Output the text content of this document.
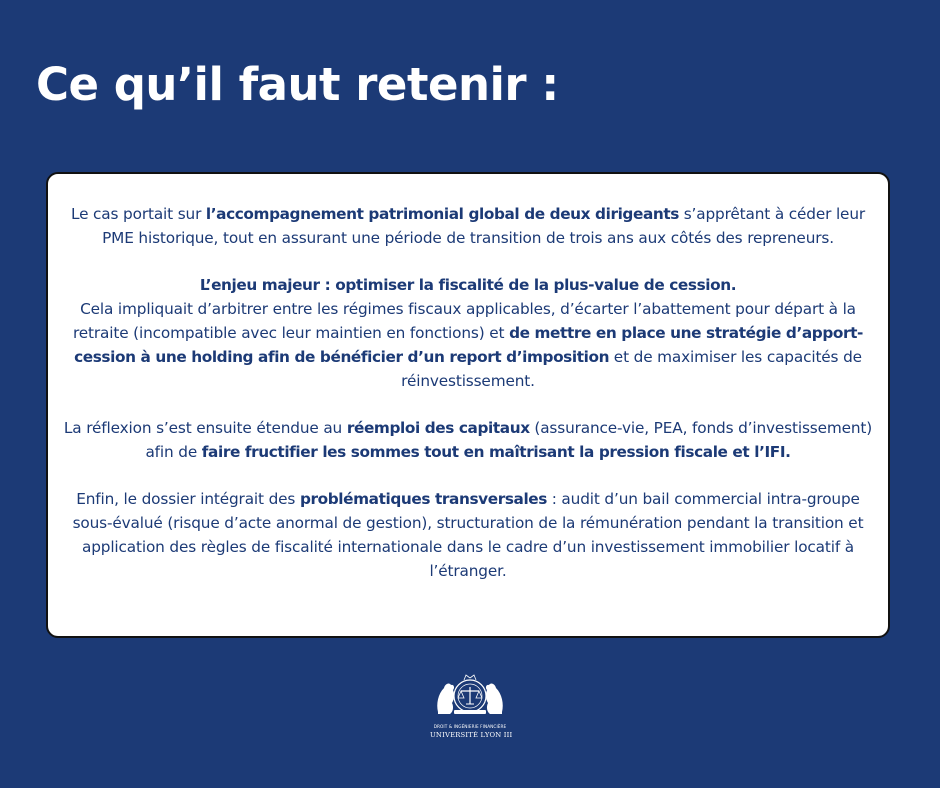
Ce qu’il faut retenir :

Le cas portait sur l’accompagnement patrimonial global de deux dirigeants s’apprêtant à céder leur PME historique, tout en assurant une période de transition de trois ans aux côtés des repreneurs.

L’enjeu majeur : optimiser la fiscalité de la plus-value de cession.
Cela impliquait d’arbitrer entre les régimes fiscaux applicables, d’écarter l’abattement pour départ à la retraite (incompatible avec leur maintien en fonctions) et de mettre en place une stratégie d’apport-cession à une holding afin de bénéficier d’un report d’imposition et de maximiser les capacités de réinvestissement.

La réflexion s’est ensuite étendue au réemploi des capitaux (assurance-vie, PEA, fonds d’investissement) afin de faire fructifier les sommes tout en maîtrisant la pression fiscale et l’IFI.

Enfin, le dossier intégrait des problématiques transversales : audit d’un bail commercial intra-groupe sous-évalué (risque d’acte anormal de gestion), structuration de la rémunération pendant la transition et application des règles de fiscalité internationale dans le cadre d’un investissement immobilier locatif à l’étranger.

DROIT & INGÉNIERIE FINANCIÈRE
UNIVERSITÉ LYON III
